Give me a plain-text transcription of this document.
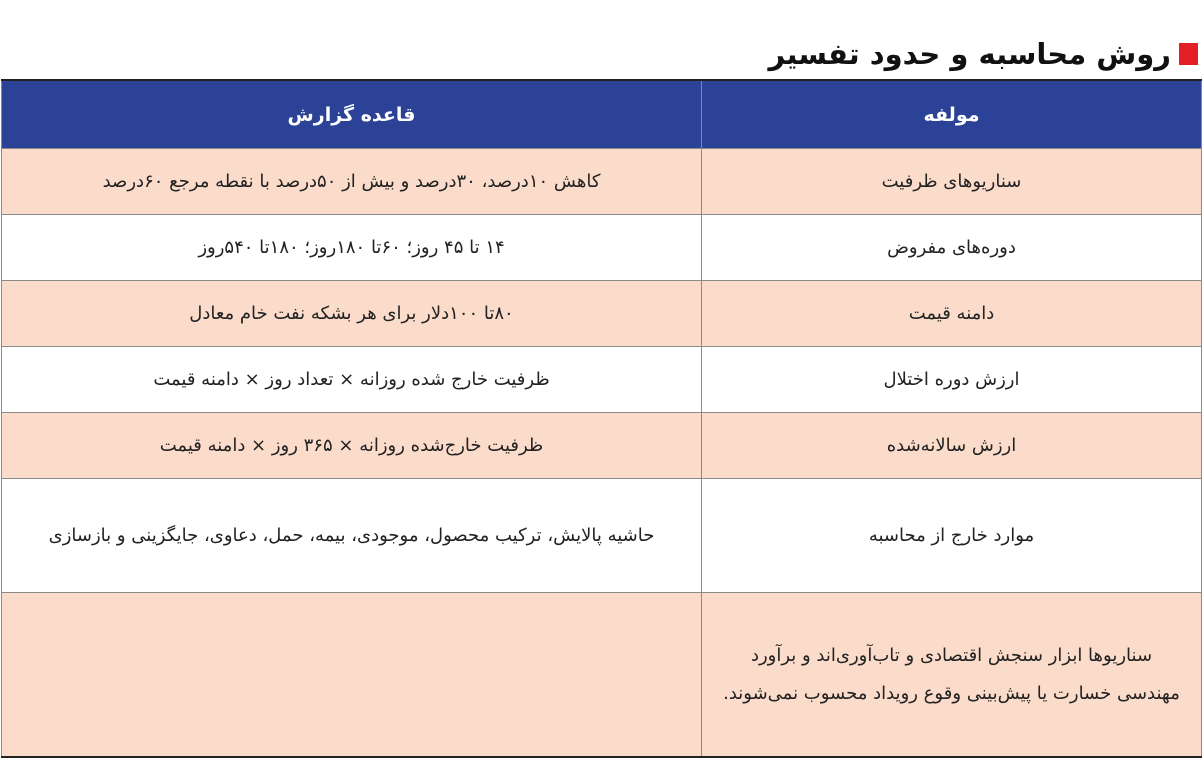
روش محاسبه و حدود تفسیر
مولفه	قاعده گزارش
سناریوهای ظرفیت	کاهش ۱۰درصد، ۳۰درصد و بیش از ۵۰درصد با نقطه مرجع ۶۰درصد
دوره‌های مفروض	۱۴ تا ۴۵ روز؛ ۶۰تا ۱۸۰روز؛ ۱۸۰تا ۵۴۰روز
دامنه قیمت	۸۰تا ۱۰۰دلار برای هر بشکه نفت خام معادل
ارزش دوره اختلال	ظرفیت خارج شده روزانه × تعداد روز × دامنه قیمت
ارزش سالانه‌شده	ظرفیت خارج‌شده روزانه × ۳۶۵ روز × دامنه قیمت
موارد خارج از محاسبه	حاشیه پالایش، ترکیب محصول، موجودی، بیمه، حمل، دعاوی، جایگزینی و بازسازی
سناریوها ابزار سنجش اقتصادی و تاب‌آوری‌اند و برآورد مهندسی خسارت یا پیش‌بینی وقوع رویداد محسوب نمی‌شوند.	
